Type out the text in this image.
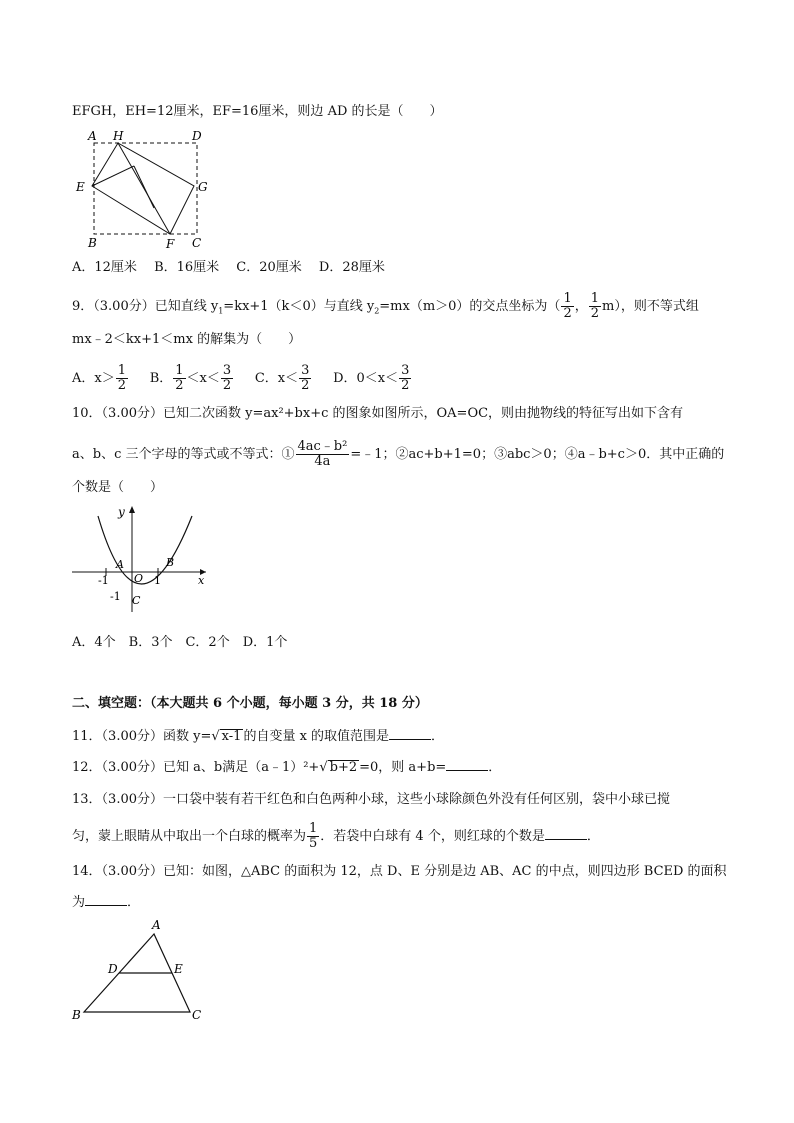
EFGH，EH=12厘米，EF=16厘米，则边 AD 的长是（　　）
A H	D
E	G
B	F C
A．12厘米　 B．16厘米　 C．20厘米　 D．28厘米
9．（3.00分）已知直线 $y_1=kx+1(k<0)$与直线 $y_2=mx(m>0)$的交点坐标为（ $\frac{1}{2}$ ， $\frac{1}{2} m$），则不等式组
mx﹣2＜kx+1＜mx 的解集为（　　）
A．$x> \frac{1}{2}$ B． $\frac{1}{2} <x< \frac{3}{2}$ C．$x< \frac{3}{2}$ D．$0<x< \frac{3}{2}$
10．（3.00分）已知二次函数 y=ax²+bx+c 的图象如图所示，OA=OC，则由抛物线的特征写出如下含有
a、b、c 三个字母的等式或不等式：① $\frac{\text{4ac﹣b²}}{4a}$ =﹣1；②ac+b+1=0；③abc＞0；④a﹣b+c＞0．其中正确的
个数是（　　）
y
A	B
-1 O 1	x
-1 C
A．4个　B．3个　C．2个　D．1个
二、填空题：（本大题共 6 个小题，每小题 3 分，共 18 分）
11．（3.00分）函数 y=√ x-1 的自变量 x 的取值范围是	．
12．（3.00分）已知 a、b满足（a﹣1）²+√ b+2 =0，则 a+b=	．
13．（3.00分）一口袋中装有若干红色和白色两种小球，这些小球除颜色外没有任何区别，袋中小球已搅
匀，蒙上眼睛从中取出一个白球的概率为 $\frac{1}{5}$ ．若袋中白球有 4 个，则红球的个数是	．
14．（3.00分）已知：如图，△ABC 的面积为 12，点 D、E 分别是边 AB、AC 的中点，则四边形 BCED 的面积
为	．
A
D	E
B	C
